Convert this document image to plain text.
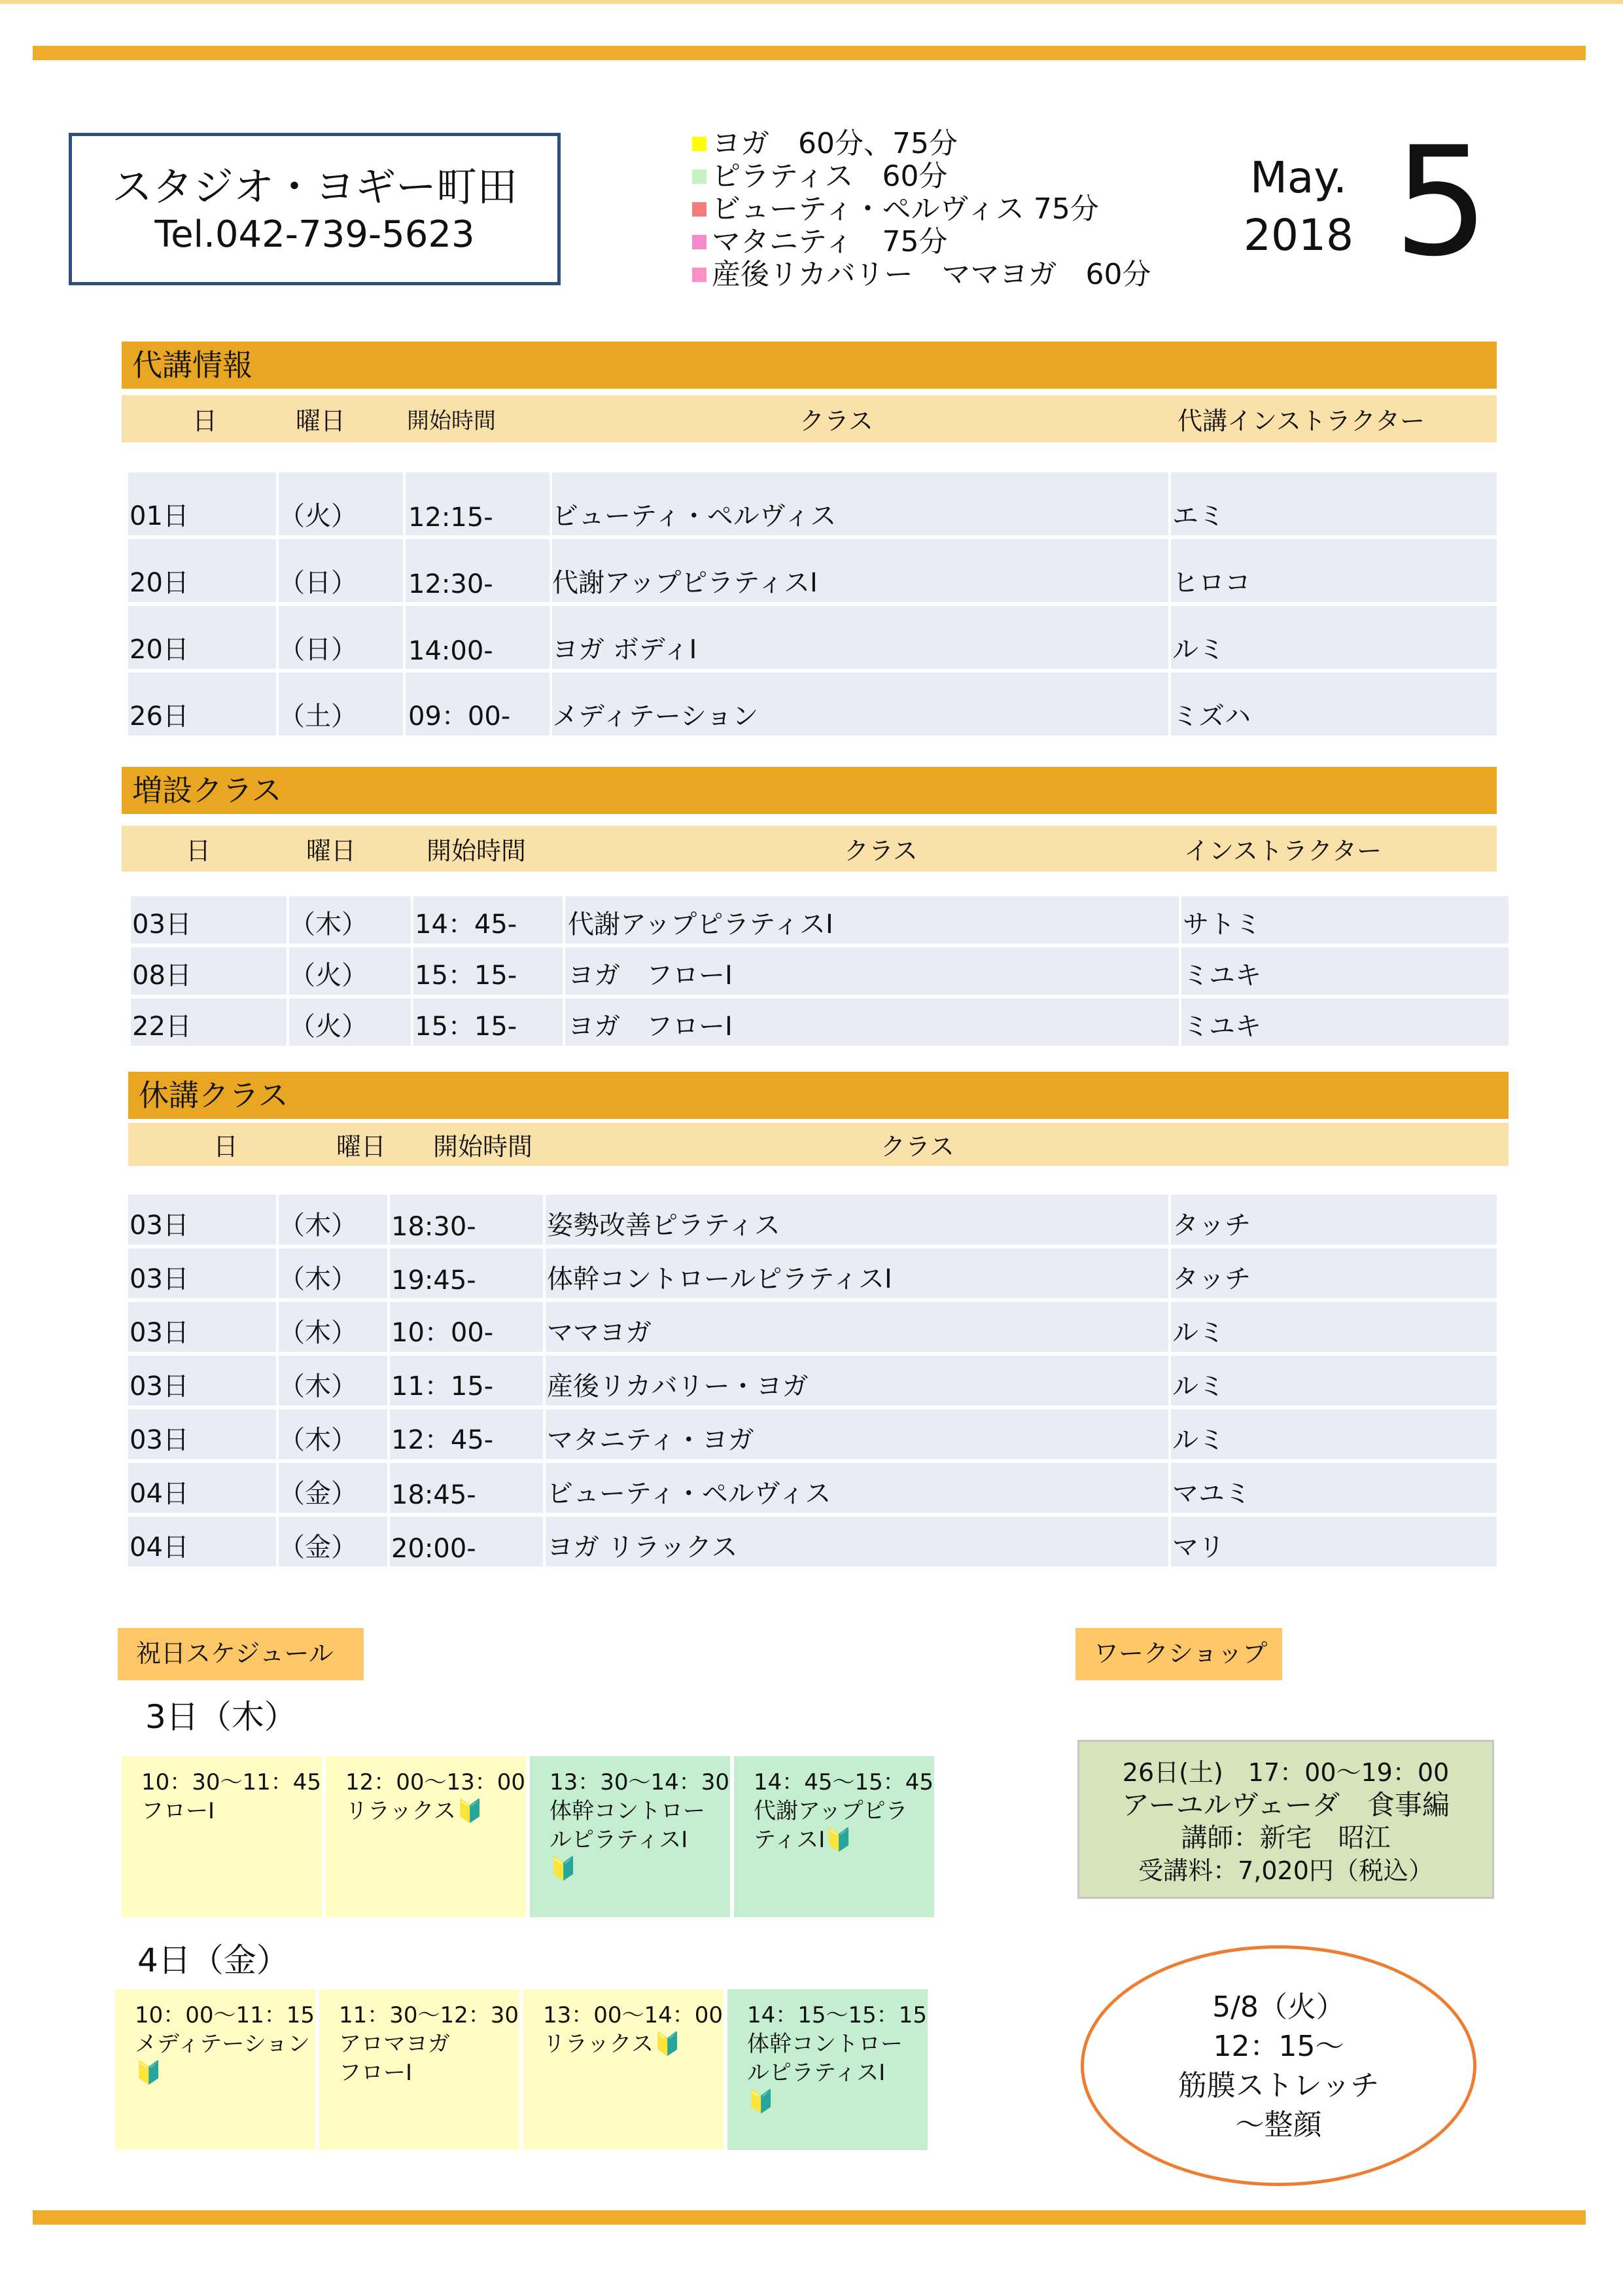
スタジオ・ヨギー町田
Tel.042-739-5623
ヨガ　60分、75分
ピラティス　60分
ビューティ・ペルヴィス 75分
マタニティ　75分
産後リカバリー　ママヨガ　60分
May.
2018 5
代講情報
日	曜日	開始時間	クラス	代講インストラクター
01日	（火） 12:15- ビューティ・ペルヴィス	エミ
20日	（日） 12:30- 代謝アップピラティスⅠ	ヒロコ
20日	（日） 14:00- ヨガ ボディⅠ	ルミ
26日	（土） 09：00- メディテーション	ミズハ
増設クラス
日	曜日	開始時間	クラス	インストラクター
03日	（木） 14：45- 代謝アップピラティスⅠ	サトミ
08日	（火） 15：15- ヨガ　フローⅠ	ミユキ
22日	（火） 15：15- ヨガ　フローⅠ	ミユキ
休講クラス
日	曜日 開始時間	クラス
03日	（木） 18:30-	姿勢改善ピラティス	タッチ
03日	（木） 19:45-	体幹コントロールピラティスⅠ	タッチ
03日	（木） 10：00- ママヨガ	ルミ
03日	（木） 11：15- 産後リカバリー・ヨガ	ルミ
03日	（木） 12：45- マタニティ・ヨガ	ルミ
04日	（金） 18:45-	ビューティ・ペルヴィス	マユミ
04日	（金） 20:00-	ヨガ リラックス	マリ
祝日スケジュール
3日（木）
10：30〜11：45
フローⅠ
12：00〜13：00
リラックス🔰
13：30〜14：30
体幹コントロー
ルピラティスⅠ
🔰
14：45〜15：45
代謝アップピラ
ティスⅠ🔰
4日（金）
10：00〜11：15
メディテーション
🔰
11：30〜12：30
アロマヨガ
フローⅠ
13：00〜14：00
リラックス🔰
14：15〜15：15
体幹コントロー
ルピラティスⅠ
🔰
ワークショップ
26日(土)　17：00〜19：00
アーユルヴェーダ　食事編
講師：新宅　昭江
受講料：7,020円（税込）
5/8（火）
12：15〜
筋膜ストレッチ
〜整顔
